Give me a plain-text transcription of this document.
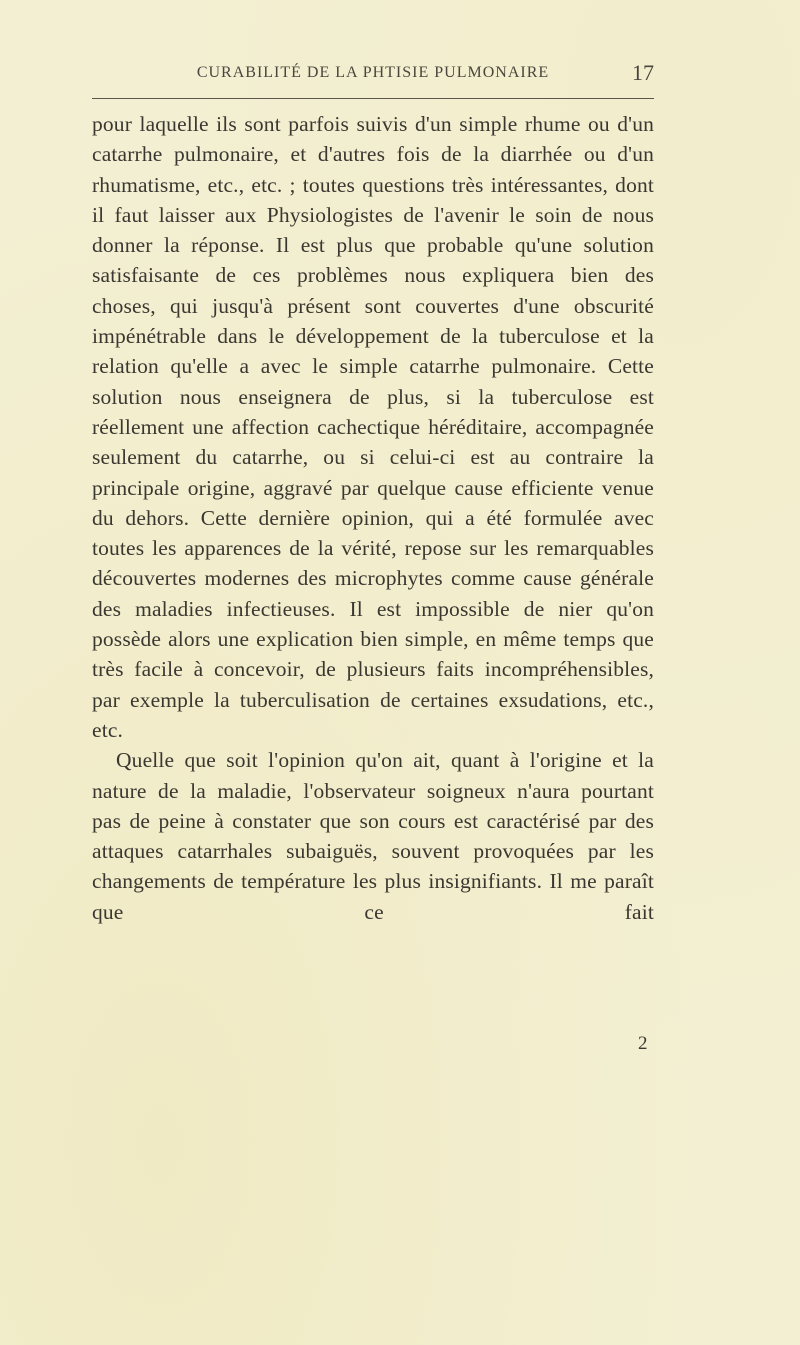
CURABILITÉ DE LA PHTISIE PULMONAIRE	17

pour laquelle ils sont parfois suivis d'un simple rhume ou d'un catarrhe pulmonaire, et d'autres fois de la diarrhée ou d'un rhumatisme, etc., etc. ; toutes questions très intéressantes, dont il faut laisser aux Physiologistes de l'avenir le soin de nous donner la réponse. Il est plus que probable qu'une solution satisfaisante de ces problèmes nous expliquera bien des choses, qui jusqu'à présent sont couvertes d'une obscurité impénétrable dans le développement de la tuberculose et la relation qu'elle a avec le simple catarrhe pulmonaire. Cette solution nous enseignera de plus, si la tuberculose est réellement une affection cachectique héréditaire, accompagnée seulement du catarrhe, ou si celui-ci est au contraire la principale origine, aggravé par quelque cause efficiente venue du dehors. Cette dernière opinion, qui a été formulée avec toutes les apparences de la vérité, repose sur les remarquables découvertes modernes des microphytes comme cause générale des maladies infectieuses. Il est impossible de nier qu'on possède alors une explication bien simple, en même temps que très facile à concevoir, de plusieurs faits incompréhensibles, par exemple la tuberculisation de certaines exsudations, etc., etc.

Quelle que soit l'opinion qu'on ait, quant à l'origine et la nature de la maladie, l'observateur soigneux n'aura pourtant pas de peine à constater que son cours est caractérisé par des attaques catarrhales subaiguës, souvent provoquées par les changements de température les plus insignifiants. Il me paraît que ce fait

2
